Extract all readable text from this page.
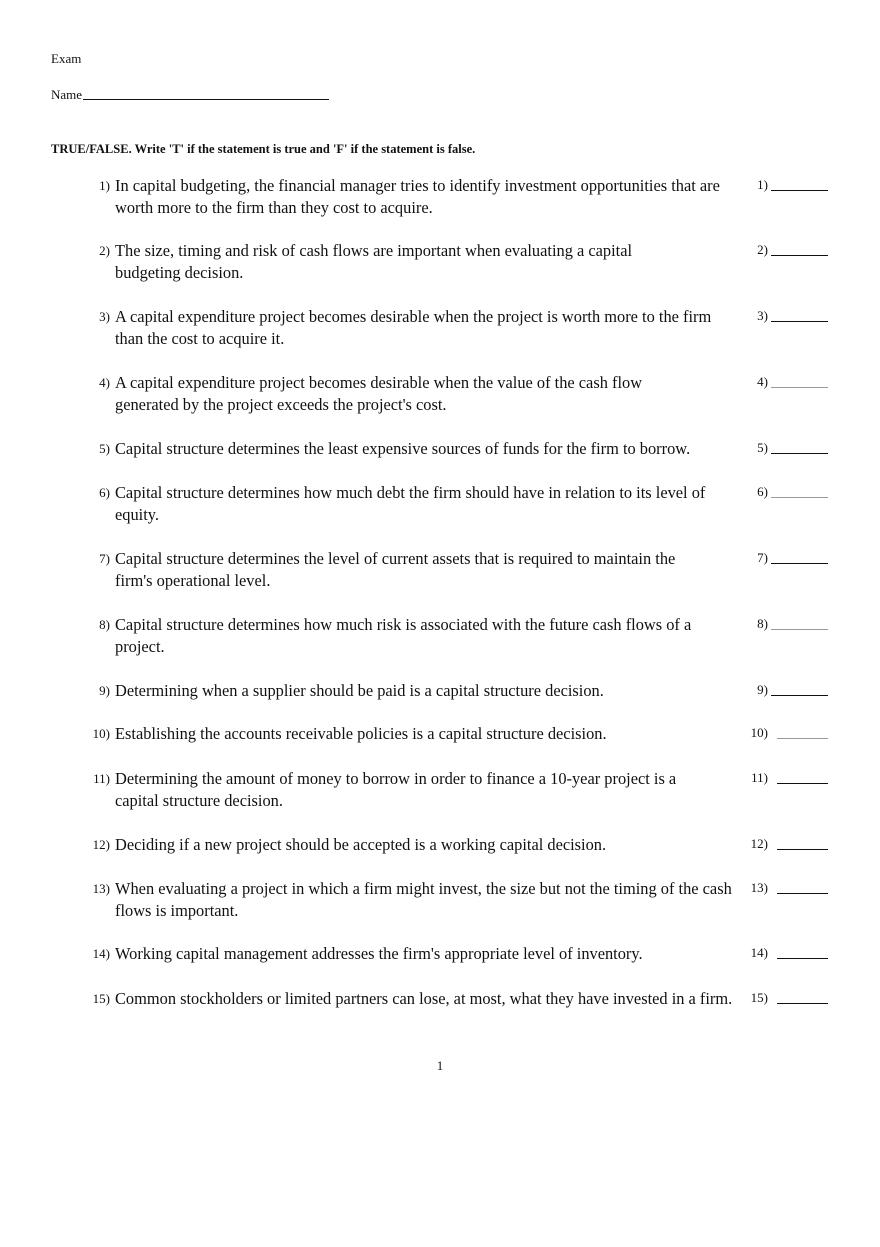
Exam
Name
TRUE/FALSE. Write 'T' if the statement is true and 'F' if the statement is false.
1) In capital budgeting, the financial manager tries to identify investment opportunities that are worth more to the firm than they cost to acquire.
1)
2) The size, timing and risk of cash flows are important when evaluating a capital budgeting decision.
2)
3) A capital expenditure project becomes desirable when the project is worth more to the firm than the cost to acquire it.
3)
4) A capital expenditure project becomes desirable when the value of the cash flow generated by the project exceeds the project's cost.
4)
5) Capital structure determines the least expensive sources of funds for the firm to borrow.	5)
6) Capital structure determines how much debt the firm should have in relation to its level of equity.
6)
7) Capital structure determines the level of current assets that is required to maintain the firm's operational level.
7)
8) Capital structure determines how much risk is associated with the future cash flows of a project.
8)
9) Determining when a supplier should be paid is a capital structure decision.	9)
10) Establishing the accounts receivable policies is a capital structure decision.	10)
11) Determining the amount of money to borrow in order to finance a 10-year project is a capital structure decision.
11)
12) Deciding if a new project should be accepted is a working capital decision.	12)
13) When evaluating a project in which a firm might invest, the size but not the timing of the cash flows is important.
13)
14) Working capital management addresses the firm's appropriate level of inventory.	14)
15) Common stockholders or limited partners can lose, at most, what they have invested in a firm. 15)
1
